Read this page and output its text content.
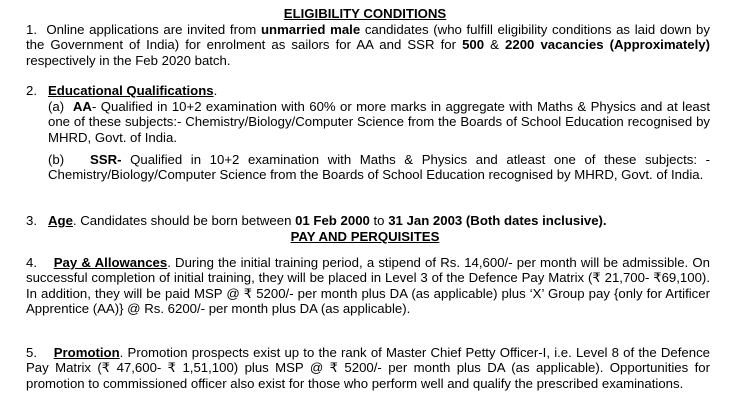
ELIGIBILITY CONDITIONS

1. Online applications are invited from unmarried male candidates (who fulfill eligibility conditions as laid down by the Government of India) for enrolment as sailors for AA and SSR for 500 & 2200 vacancies (Approximately) respectively in the Feb 2020 batch.

2. Educational Qualifications.

(a) AA- Qualified in 10+2 examination with 60% or more marks in aggregate with Maths & Physics and at least one of these subjects:- Chemistry/Biology/Computer Science from the Boards of School Education recognised by MHRD, Govt. of India.

(b) SSR- Qualified in 10+2 examination with Maths & Physics and atleast one of these subjects: - Chemistry/Biology/Computer Science from the Boards of School Education recognised by MHRD, Govt. of India.

3. Age. Candidates should be born between 01 Feb 2000 to 31 Jan 2003 (Both dates inclusive).

PAY AND PERQUISITES

4. Pay & Allowances. During the initial training period, a stipend of Rs. 14,600/- per month will be admissible. On successful completion of initial training, they will be placed in Level 3 of the Defence Pay Matrix (₹ 21,700- ₹69,100). In addition, they will be paid MSP @ ₹ 5200/- per month plus DA (as applicable) plus ‘X’ Group pay {only for Artificer Apprentice (AA)} @ Rs. 6200/- per month plus DA (as applicable).

5. Promotion. Promotion prospects exist up to the rank of Master Chief Petty Officer-I, i.e. Level 8 of the Defence Pay Matrix (₹ 47,600- ₹ 1,51,100) plus MSP @ ₹ 5200/- per month plus DA (as applicable). Opportunities for promotion to commissioned officer also exist for those who perform well and qualify the prescribed examinations.
